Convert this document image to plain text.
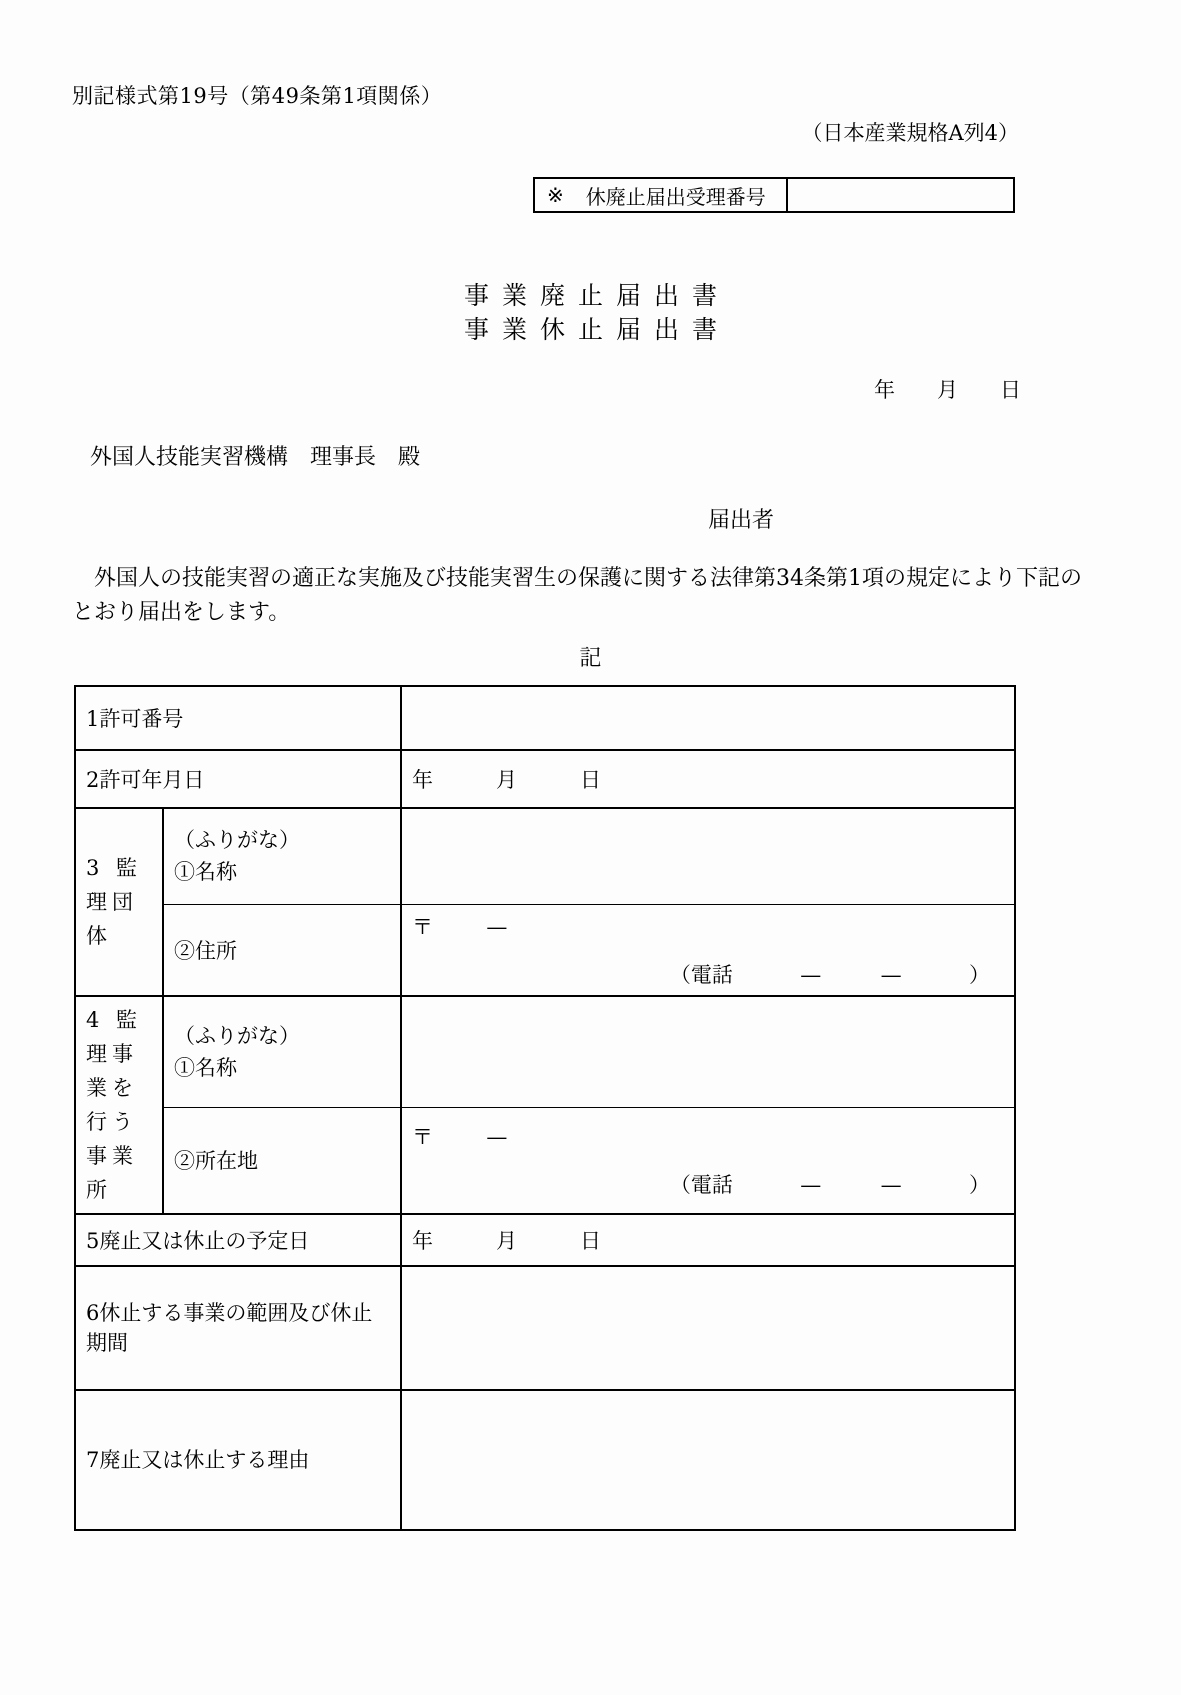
別記様式第19号（第49条第1項関係）
（日本産業規格A列4）
※ 休廃止届出受理番号
事業廃止届出書
事業休止届出書
年　　月　　日
外国人技能実習機構　理事長　殿
届出者
外国人の技能実習の適正な実施及び技能実習生の保護に関する法律第34条第1項の規定により下記のとおり届出をします。
記
1許可番号		
2許可年月日		年　　　月　　　日
3 監理団体	（ふりがな）
①名称	

	②住所	〒 —
（電話 — — ）

4 監理事業を行う事業所	（ふりがな）
①名称	

	②所在地	〒 —
（電話 — — ）

5廃止又は休止の予定日		年　　　月　　　日
6休止する事業の範囲及び休止期間		
7廃止又は休止する理由		
